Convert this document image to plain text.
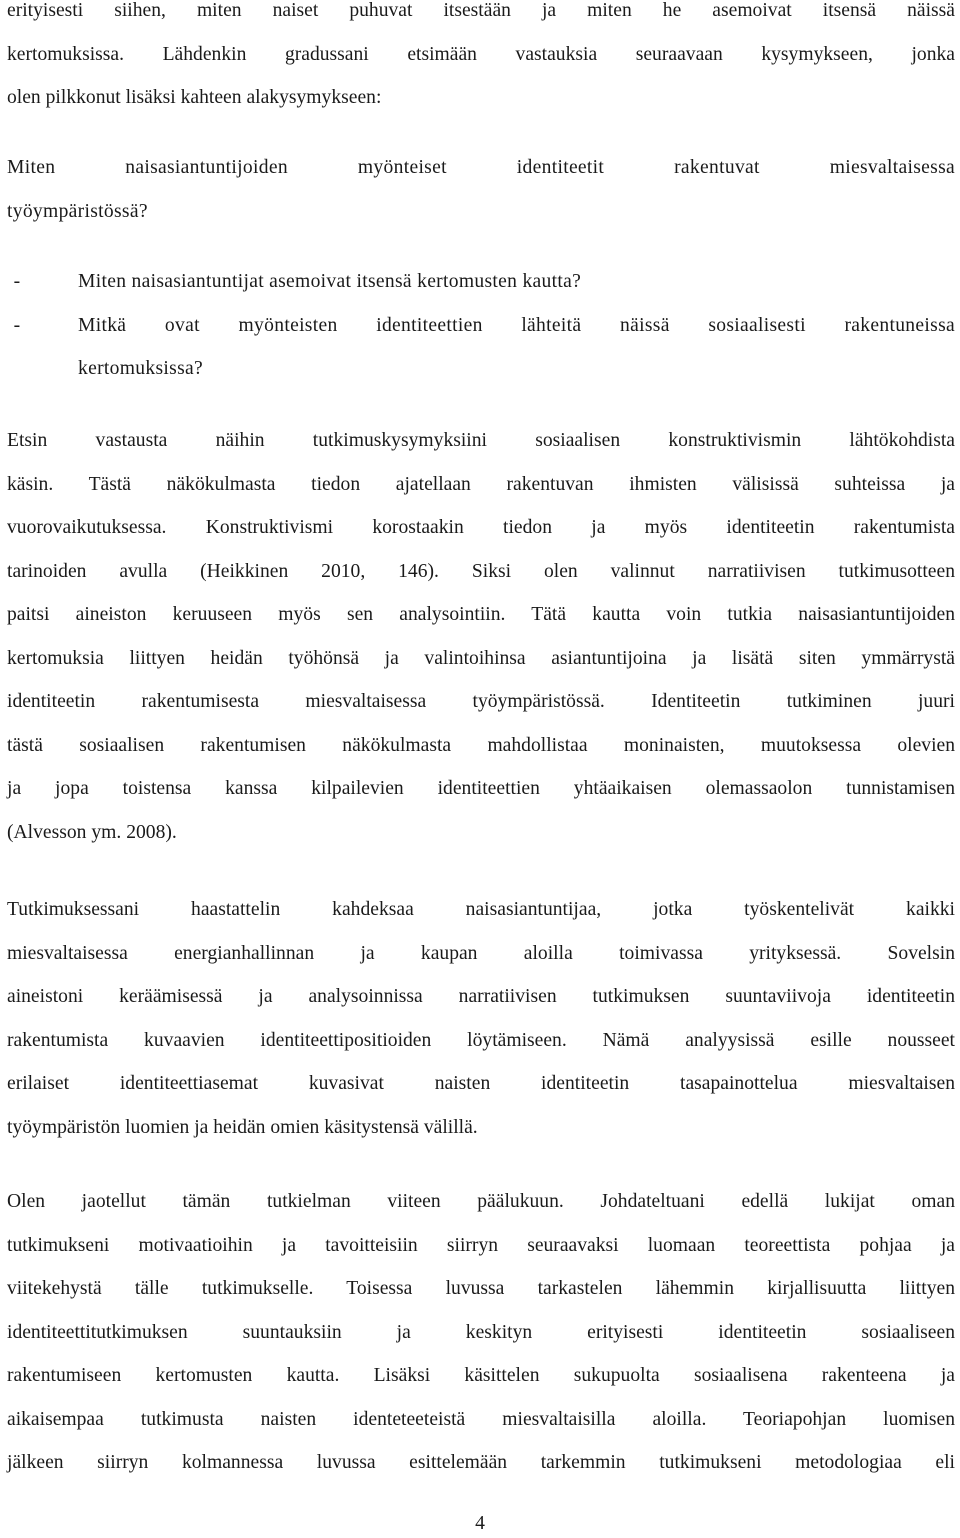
erityisesti siihen, miten naiset puhuvat itsestään ja miten he asemoivat itsensä näissä
kertomuksissa. Lähdenkin gradussani etsimään vastauksia seuraavaan kysymykseen, jonka
olen pilkkonut lisäksi kahteen alakysymykseen:
Miten naisasiantuntijoiden myönteiset identiteetit rakentuvat miesvaltaisessa
työympäristössä?
-	Miten naisasiantuntijat asemoivat itsensä kertomusten kautta?
-	Mitkä ovat myönteisten identiteettien lähteitä näissä sosiaalisesti rakentuneissa
kertomuksissa?
Etsin vastausta näihin tutkimuskysymyksiini sosiaalisen konstruktivismin lähtökohdista
käsin. Tästä näkökulmasta tiedon ajatellaan rakentuvan ihmisten välisissä suhteissa ja
vuorovaikutuksessa. Konstruktivismi korostaakin tiedon ja myös identiteetin rakentumista
tarinoiden avulla (Heikkinen 2010, 146). Siksi olen valinnut narratiivisen tutkimusotteen
paitsi aineiston keruuseen myös sen analysointiin. Tätä kautta voin tutkia naisasiantuntijoiden
kertomuksia liittyen heidän työhönsä ja valintoihinsa asiantuntijoina ja lisätä siten ymmärrystä
identiteetin rakentumisesta miesvaltaisessa työympäristössä. Identiteetin tutkiminen juuri
tästä sosiaalisen rakentumisen näkökulmasta mahdollistaa moninaisten, muutoksessa olevien
ja jopa toistensa kanssa kilpailevien identiteettien yhtäaikaisen olemassaolon tunnistamisen
(Alvesson ym. 2008).
Tutkimuksessani haastattelin kahdeksaa naisasiantuntijaa, jotka työskentelivät kaikki
miesvaltaisessa energianhallinnan ja kaupan aloilla toimivassa yrityksessä. Sovelsin
aineistoni keräämisessä ja analysoinnissa narratiivisen tutkimuksen suuntaviivoja identiteetin
rakentumista kuvaavien identiteettipositioiden löytämiseen. Nämä analyysissä esille nousseet
erilaiset identiteettiasemat kuvasivat naisten identiteetin tasapainottelua miesvaltaisen
työympäristön luomien ja heidän omien käsitystensä välillä.
Olen jaotellut tämän tutkielman viiteen päälukuun. Johdateltuani edellä lukijat oman
tutkimukseni motivaatioihin ja tavoitteisiin siirryn seuraavaksi luomaan teoreettista pohjaa ja
viitekehystä tälle tutkimukselle. Toisessa luvussa tarkastelen lähemmin kirjallisuutta liittyen
identiteettitutkimuksen suuntauksiin ja keskityn erityisesti identiteetin sosiaaliseen
rakentumiseen kertomusten kautta. Lisäksi käsittelen sukupuolta sosiaalisena rakenteena ja
aikaisempaa tutkimusta naisten identeteeteistä miesvaltaisilla aloilla. Teoriapohjan luomisen
jälkeen siirryn kolmannessa luvussa esittelemään tarkemmin tutkimukseni metodologiaa eli
4
